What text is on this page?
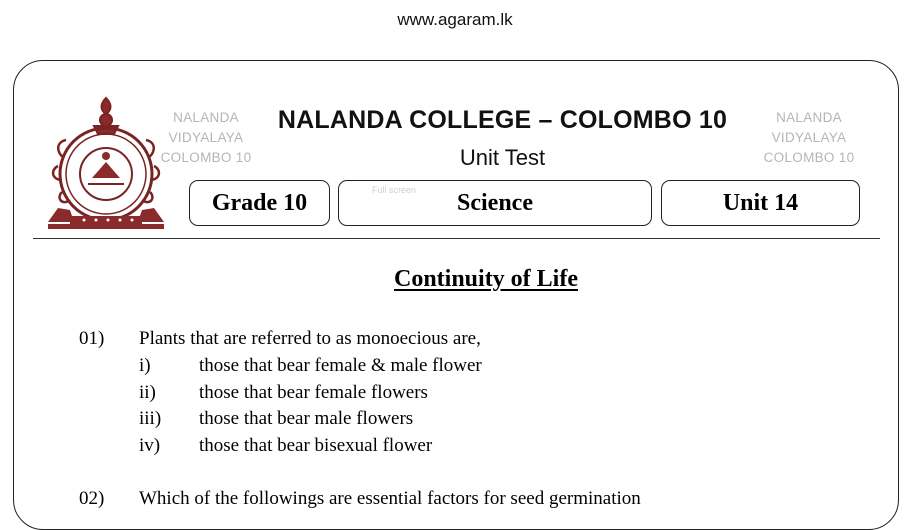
www.agaram.lk
NALANDA
VIDYALAYA
COLOMBO 10
NALANDA
VIDYALAYA
COLOMBO 10
NALANDA COLLEGE – COLOMBO 10
Unit Test
Grade 10	Science
Full screen	Unit 14
Continuity of Life
01) Plants that are referred to as monoecious are,
i)	those that bear female & male flower
ii) those that bear female flowers
iii) those that bear male flowers
iv) those that bear bisexual flower
02) Which of the followings are essential factors for seed germination
